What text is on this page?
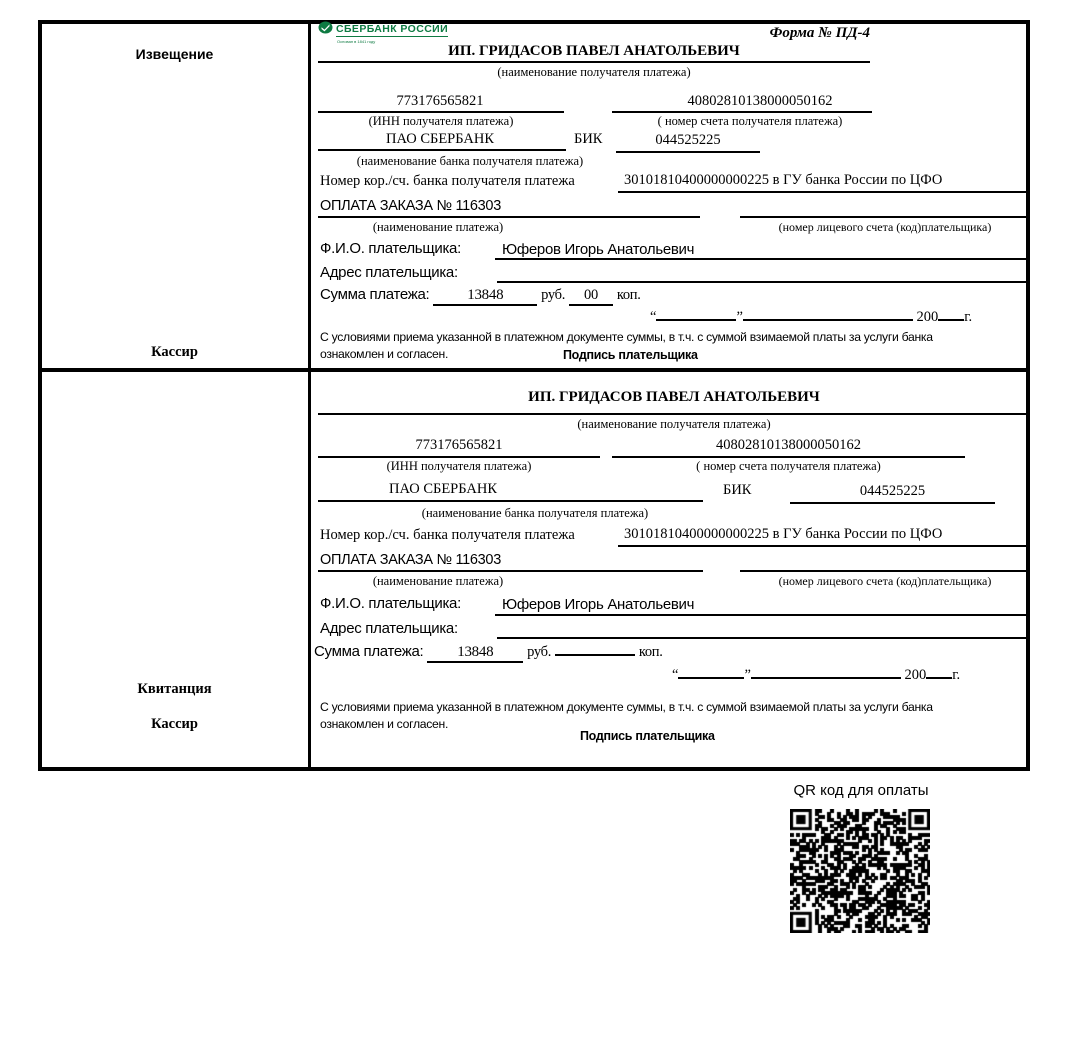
Извещение
Кассир
СБЕРБАНК РОССИИ
Основан в 1841 году
Форма № ПД-4
ИП. ГРИДАСОВ ПАВЕЛ АНАТОЛЬЕВИЧ
(наименование получателя платежа)
773176565821	40802810138000050162
(ИНН получателя платежа)	( номер счета получателя платежа)
ПАО СБЕРБАНК	БИК	044525225
(наименование банка получателя платежа)
Номер кор./сч. банка получателя платежа	30101810400000000225 в ГУ банка России по ЦФО
ОПЛАТА ЗАКАЗА № 116303
(наименование платежа)	(номер лицевого счета (код)плательщика)
Ф.И.О. плательщика:	Юферов Игорь Анатольевич
Адрес плательщика:
Сумма платежа:	13848	руб. 00 коп.
“	”	200 г.
С условиями приема указанной в платежном документе суммы, в т.ч. с суммой взимаемой платы за услуги банка
ознакомлен и согласен.	Подпись плательщика
Квитанция
Кассир
ИП. ГРИДАСОВ ПАВЕЛ АНАТОЛЬЕВИЧ
(наименование получателя платежа)
773176565821	40802810138000050162
(ИНН получателя платежа)	( номер счета получателя платежа)
ПАО СБЕРБАНК	БИК	044525225
(наименование банка получателя платежа)
Номер кор./сч. банка получателя платежа	30101810400000000225 в ГУ банка России по ЦФО
ОПЛАТА ЗАКАЗА № 116303
(наименование платежа)	(номер лицевого счета (код)плательщика)
Ф.И.О. плательщика:	Юферов Игорь Анатольевич
Адрес плательщика:
Сумма платежа: 13848 руб.	коп.
“	”	200 г.
С условиями приема указанной в платежном документе суммы, в т.ч. с суммой взимаемой платы за услуги банка
ознакомлен и согласен.
Подпись плательщика
QR код для оплаты
